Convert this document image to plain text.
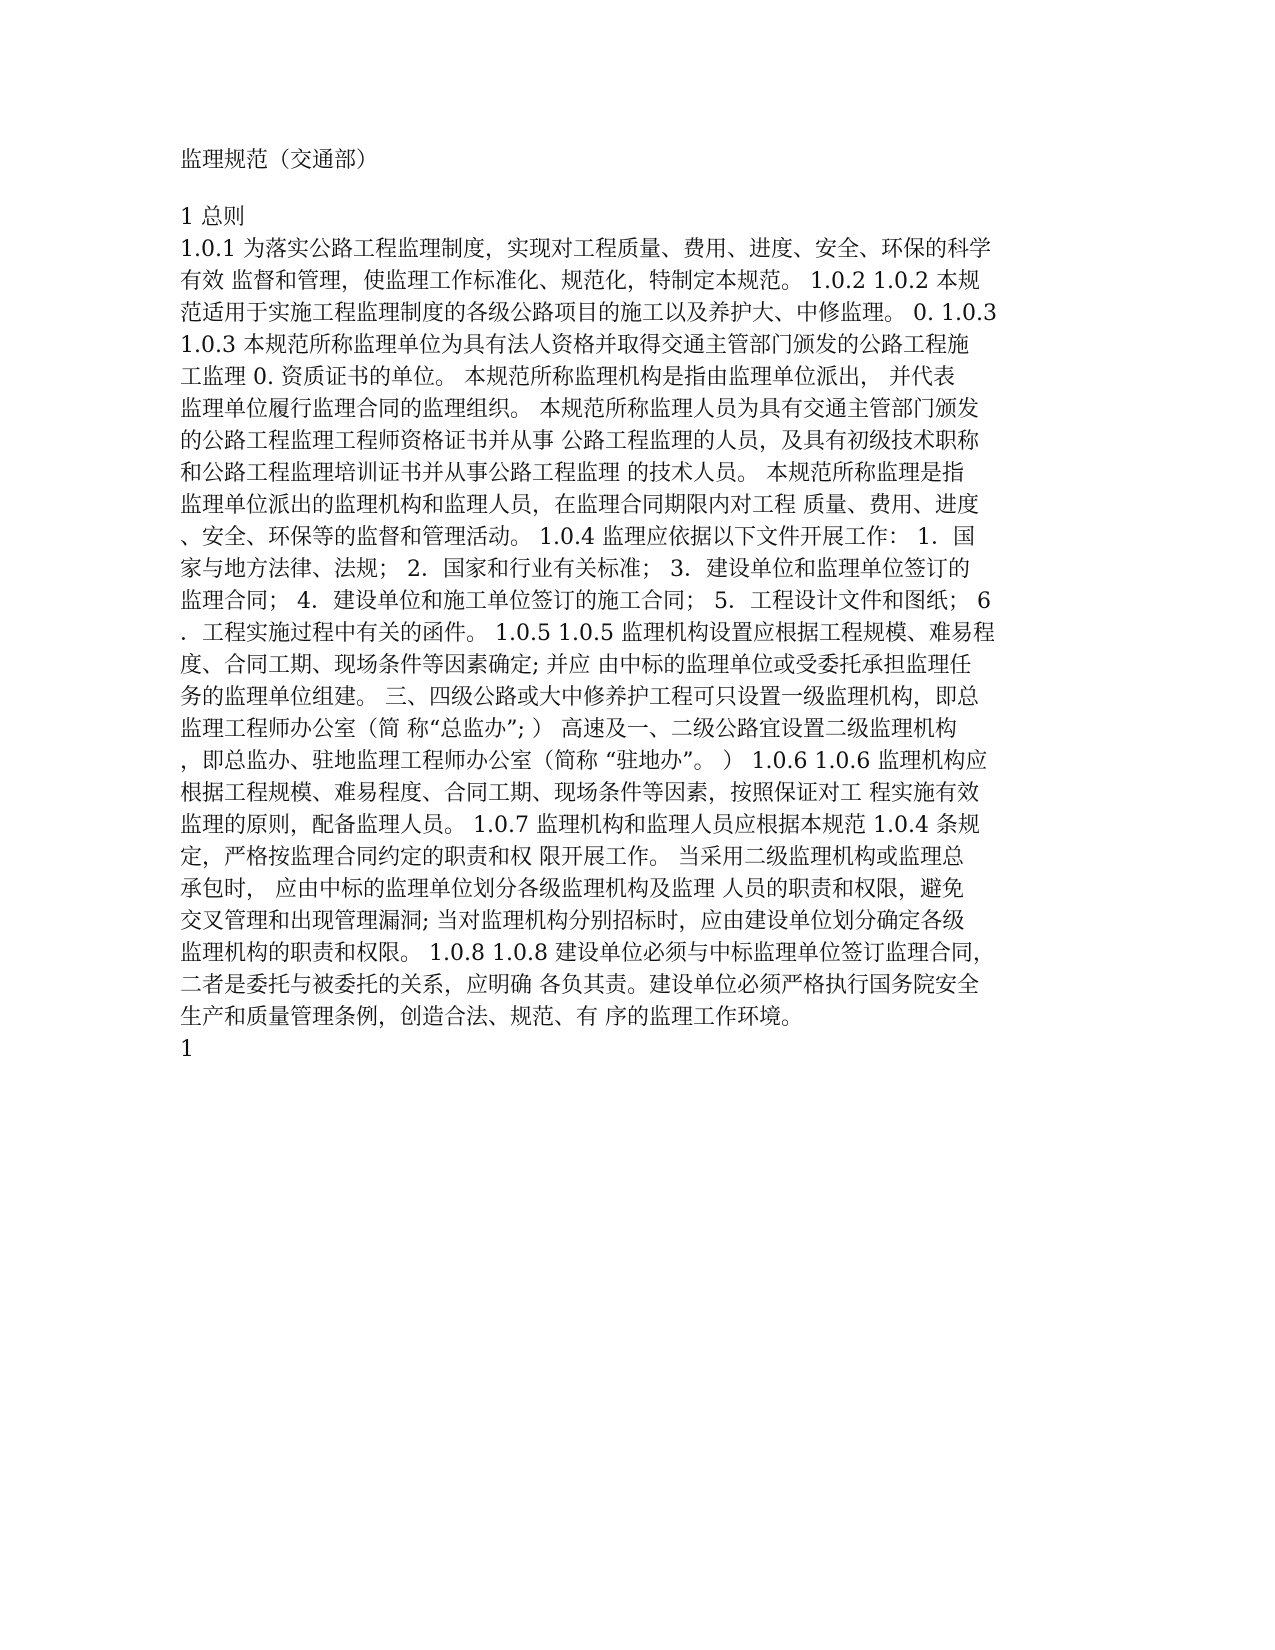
监理规范（交通部）
1 总则
1.0.1 为落实公路工程监理制度，实现对工程质量、费用、进度、安全、环保的科学
有效 监督和管理，使监理工作标准化、规范化，特制定本规范。 1.0.2 1.0.2 本规
范适用于实施工程监理制度的各级公路项目的施工以及养护大、中修监理。 0. 1.0.3
1.0.3 本规范所称监理单位为具有法人资格并取得交通主管部门颁发的公路工程施
工监理 0. 资质证书的单位。 本规范所称监理机构是指由监理单位派出， 并代表
监理单位履行监理合同的监理组织。 本规范所称监理人员为具有交通主管部门颁发
的公路工程监理工程师资格证书并从事 公路工程监理的人员，及具有初级技术职称
和公路工程监理培训证书并从事公路工程监理 的技术人员。 本规范所称监理是指
监理单位派出的监理机构和监理人员，在监理合同期限内对工程 质量、费用、进度
、安全、环保等的监督和管理活动。 1.0.4 监理应依据以下文件开展工作： 1．国
家与地方法律、法规； 2．国家和行业有关标准； 3．建设单位和监理单位签订的
监理合同； 4．建设单位和施工单位签订的施工合同； 5．工程设计文件和图纸； 6
．工程实施过程中有关的函件。 1.0.5 1.0.5 监理机构设置应根据工程规模、难易程
度、合同工期、现场条件等因素确定; 并应 由中标的监理单位或受委托承担监理任
务的监理单位组建。 三、四级公路或大中修养护工程可只设置一级监理机构，即总
监理工程师办公室（简 称“总监办”; ） 高速及一、二级公路宜设置二级监理机构
，即总监办、驻地监理工程师办公室（简称 “驻地办”。 ） 1.0.6 1.0.6 监理机构应
根据工程规模、难易程度、合同工期、现场条件等因素，按照保证对工 程实施有效
监理的原则，配备监理人员。 1.0.7 监理机构和监理人员应根据本规范 1.0.4 条规
定，严格按监理合同约定的职责和权 限开展工作。 当采用二级监理机构或监理总
承包时， 应由中标的监理单位划分各级监理机构及监理 人员的职责和权限，避免
交叉管理和出现管理漏洞; 当对监理机构分别招标时，应由建设单位划分确定各级
监理机构的职责和权限。 1.0.8 1.0.8 建设单位必须与中标监理单位签订监理合同，
二者是委托与被委托的关系，应明确 各负其责。建设单位必须严格执行国务院安全
生产和质量管理条例，创造合法、规范、有 序的监理工作环境。
1
